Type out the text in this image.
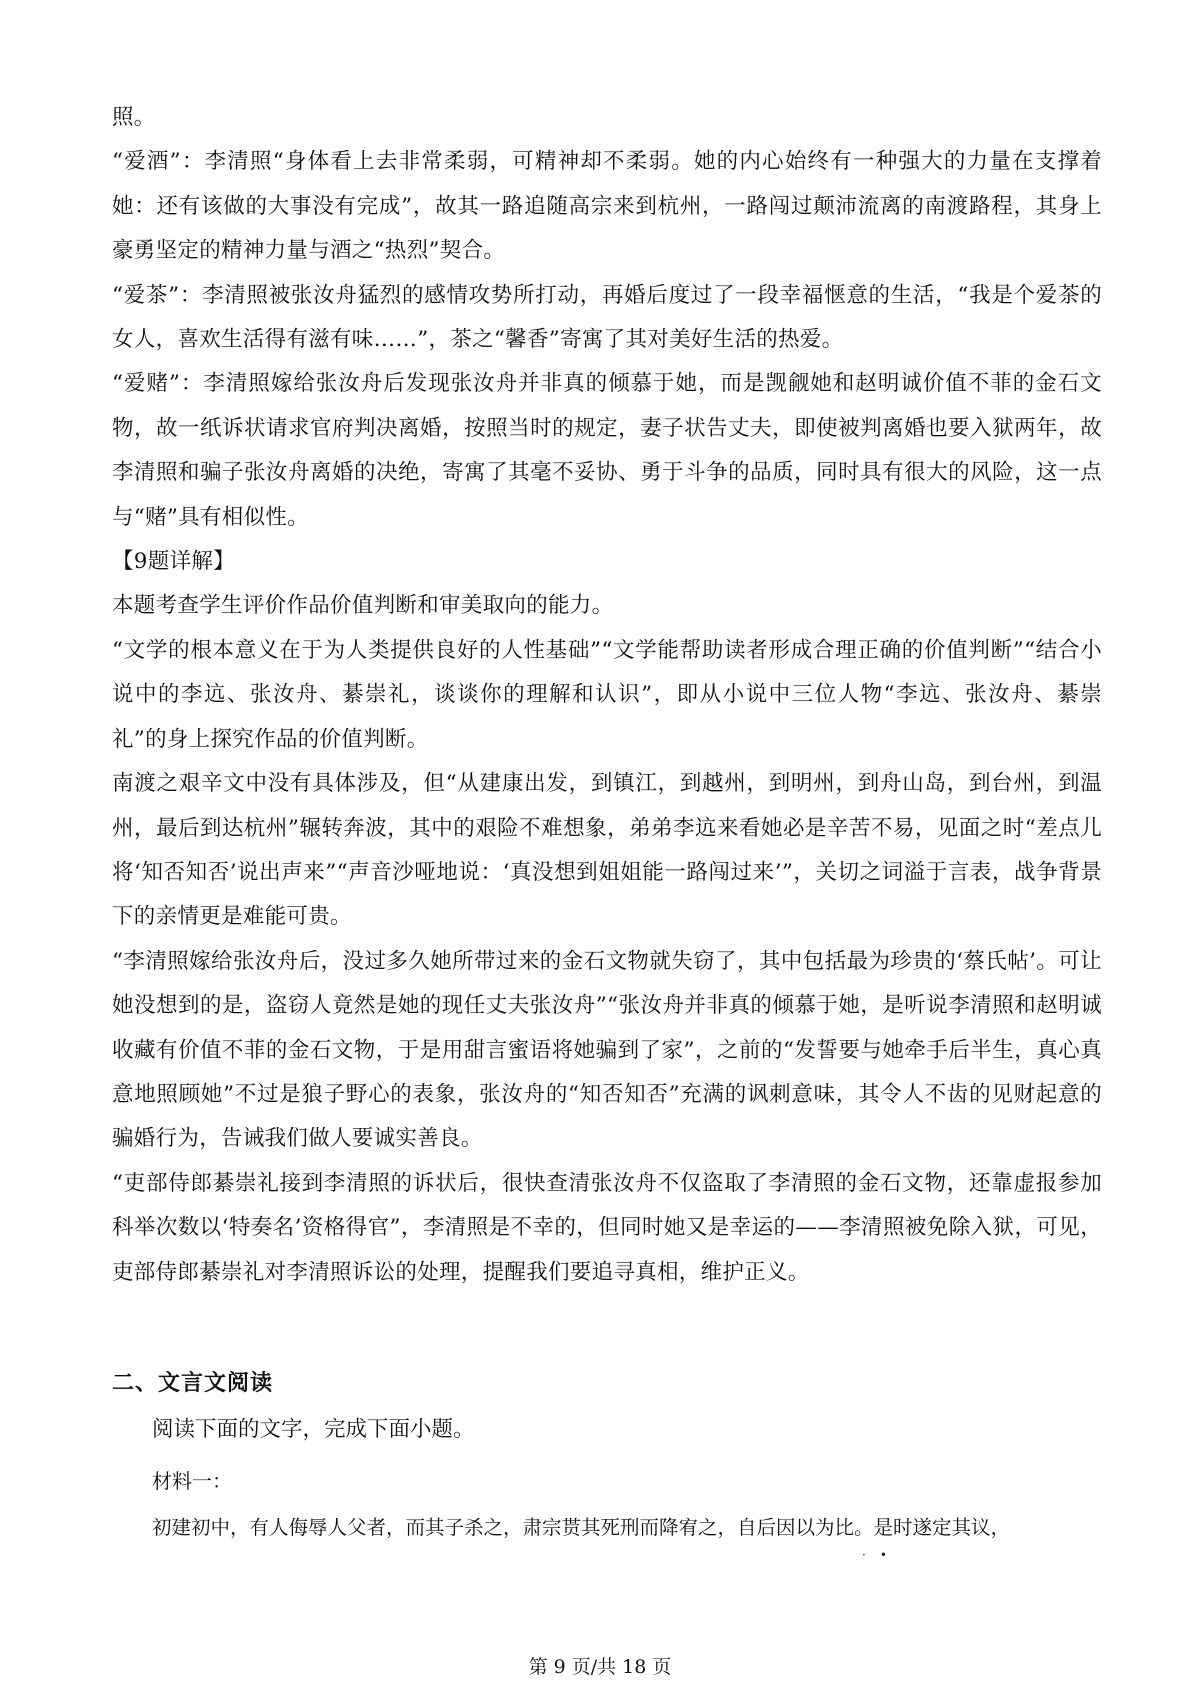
照。

“爱酒”：李清照“身体看上去非常柔弱，可精神却不柔弱。她的内心始终有一种强大的力量在支撑着她：还有该做的大事没有完成”，故其一路追随高宗来到杭州，一路闯过颠沛流离的南渡路程，其身上豪勇坚定的精神力量与酒之“热烈”契合。

“爱茶”：李清照被张汝舟猛烈的感情攻势所打动，再婚后度过了一段幸福惬意的生活，“我是个爱茶的女人，喜欢生活得有滋有味……”，茶之“馨香”寄寓了其对美好生活的热爱。

“爱赌”：李清照嫁给张汝舟后发现张汝舟并非真的倾慕于她，而是觊觎她和赵明诚价值不菲的金石文物，故一纸诉状请求官府判决离婚，按照当时的规定，妻子状告丈夫，即使被判离婚也要入狱两年，故李清照和骗子张汝舟离婚的决绝，寄寓了其毫不妥协、勇于斗争的品质，同时具有很大的风险，这一点与“赌”具有相似性。

【9题详解】

本题考查学生评价作品价值判断和审美取向的能力。

“文学的根本意义在于为人类提供良好的人性基础”“文学能帮助读者形成合理正确的价值判断”“结合小说中的李迒、张汝舟、綦崇礼，谈谈你的理解和认识”，即从小说中三位人物“李迒、张汝舟、綦崇礼”的身上探究作品的价值判断。

南渡之艰辛文中没有具体涉及，但“从建康出发，到镇江，到越州，到明州，到舟山岛，到台州，到温州，最后到达杭州”辗转奔波，其中的艰险不难想象，弟弟李迒来看她必是辛苦不易，见面之时“差点儿将‘知否知否’说出声来”“声音沙哑地说：‘真没想到姐姐能一路闯过来’”，关切之词溢于言表，战争背景下的亲情更是难能可贵。

“李清照嫁给张汝舟后，没过多久她所带过来的金石文物就失窃了，其中包括最为珍贵的‘蔡氏帖’。可让她没想到的是，盗窃人竟然是她的现任丈夫张汝舟”“张汝舟并非真的倾慕于她，是听说李清照和赵明诚收藏有价值不菲的金石文物，于是用甜言蜜语将她骗到了家”，之前的“发誓要与她牵手后半生，真心真意地照顾她”不过是狼子野心的表象，张汝舟的“知否知否”充满的讽刺意味，其令人不齿的见财起意的骗婚行为，告诫我们做人要诚实善良。

“吏部侍郎綦崇礼接到李清照的诉状后，很快查清张汝舟不仅盗取了李清照的金石文物，还靠虚报参加科举次数以‘特奏名’资格得官”，李清照是不幸的，但同时她又是幸运的——李清照被免除入狱，可见，吏部侍郎綦崇礼对李清照诉讼的处理，提醒我们要追寻真相，维护正义。

二、文言文阅读

阅读下面的文字，完成下面小题。

材料一：

初建初中，有人侮辱人父者，而其子杀之，肃宗贳其死刑而降宥之，自后因以为比。是时遂定其议，

·•

第 9 页/共 18 页
